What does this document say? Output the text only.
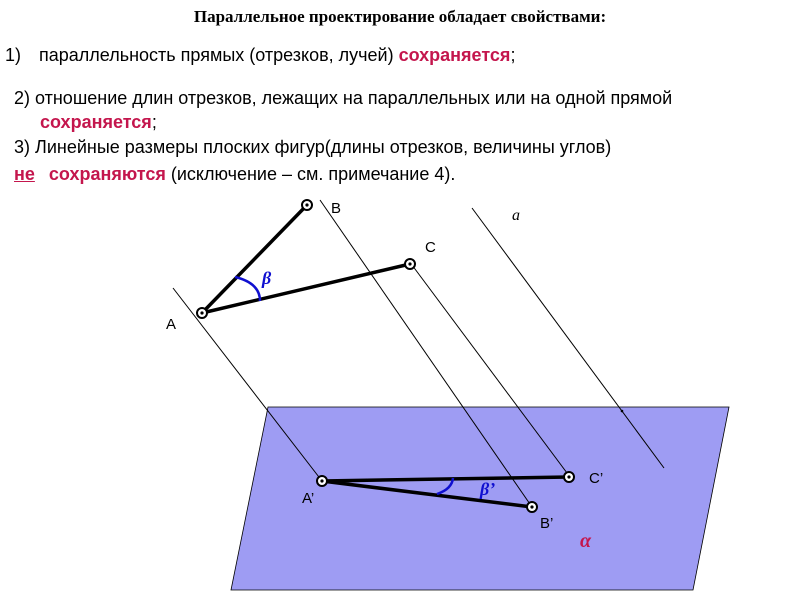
Параллельное проектирование обладает свойствами:
1) параллельность прямых (отрезков, лучей) сохраняется;
2) отношение длин отрезков, лежащих на параллельных или на одной прямой
сохраняется;
3) Линейные размеры плоских фигур(длины отрезков, величины углов)
не сохраняются (исключение – см. примечание 4).
A
B
C
A’
B’
C’
a
β
β’
α
